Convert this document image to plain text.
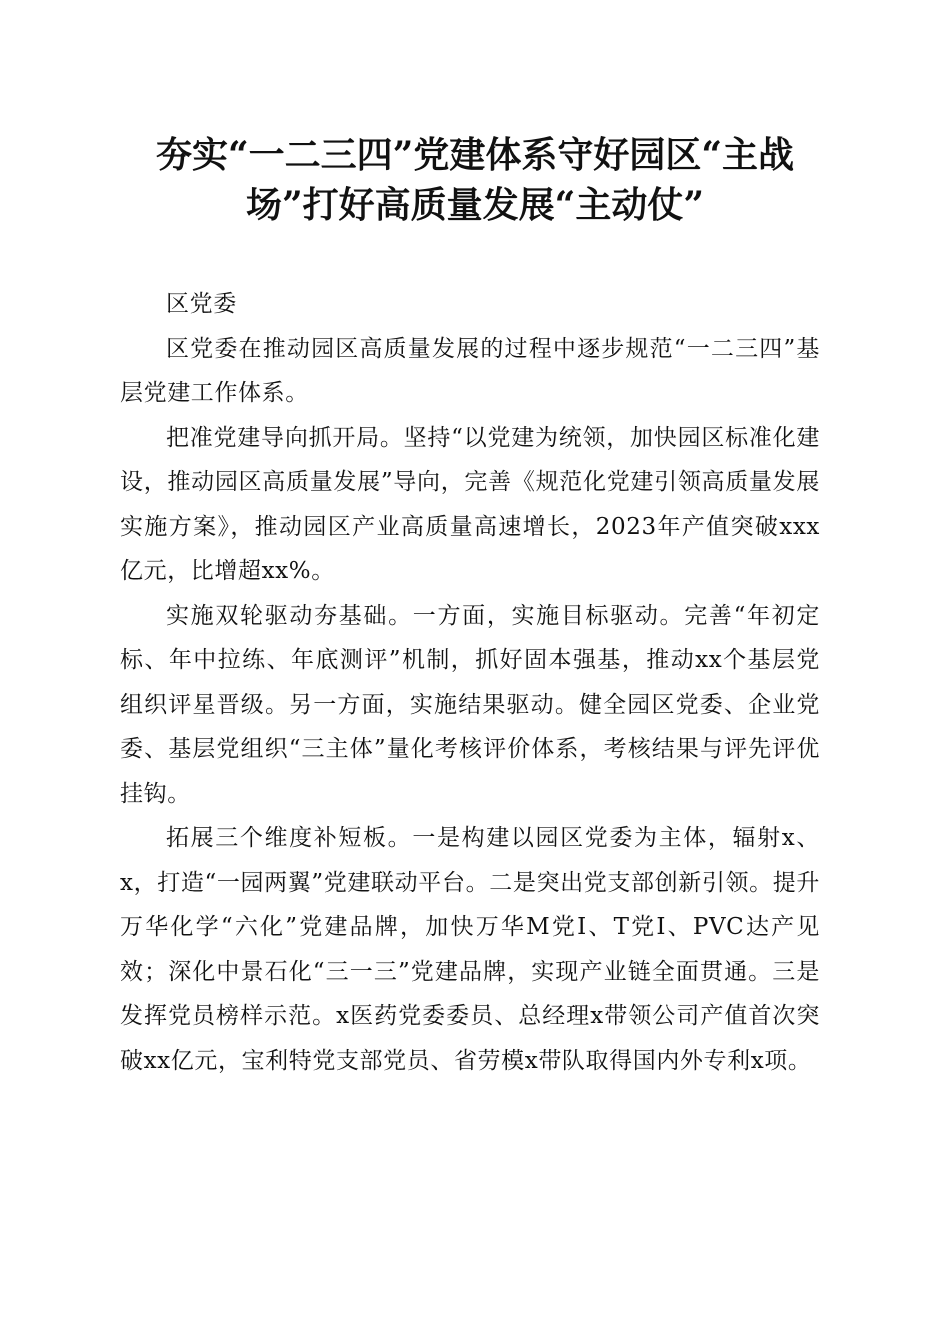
夯实“一二三四”党建体系守好园区“主战
场”打好高质量发展“主动仗”

区党委

区党委在推动园区高质量发展的过程中逐步规范“一二三四”基层党建工作体系。

把准党建导向抓开局。坚持“以党建为统领，加快园区标准化建设，推动园区高质量发展”导向，完善《规范化党建引领高质量发展实施方案》，推动园区产业高质量高速增长，2023年产值突破xxx亿元，比增超xx%。

实施双轮驱动夯基础。一方面，实施目标驱动。完善“年初定标、年中拉练、年底测评”机制，抓好固本强基，推动xx个基层党组织评星晋级。另一方面，实施结果驱动。健全园区党委、企业党委、基层党组织“三主体”量化考核评价体系，考核结果与评先评优挂钩。

拓展三个维度补短板。一是构建以园区党委为主体，辐射x、x，打造“一园两翼”党建联动平台。二是突出党支部创新引领。提升万华化学“六化”党建品牌，加快万华M党I、T党I、PVC达产见效；深化中景石化“三一三”党建品牌，实现产业链全面贯通。三是发挥党员榜样示范。x医药党委委员、总经理x带领公司产值首次突破xx亿元，宝利特党支部党员、省劳模x带队取得国内外专利x项。
